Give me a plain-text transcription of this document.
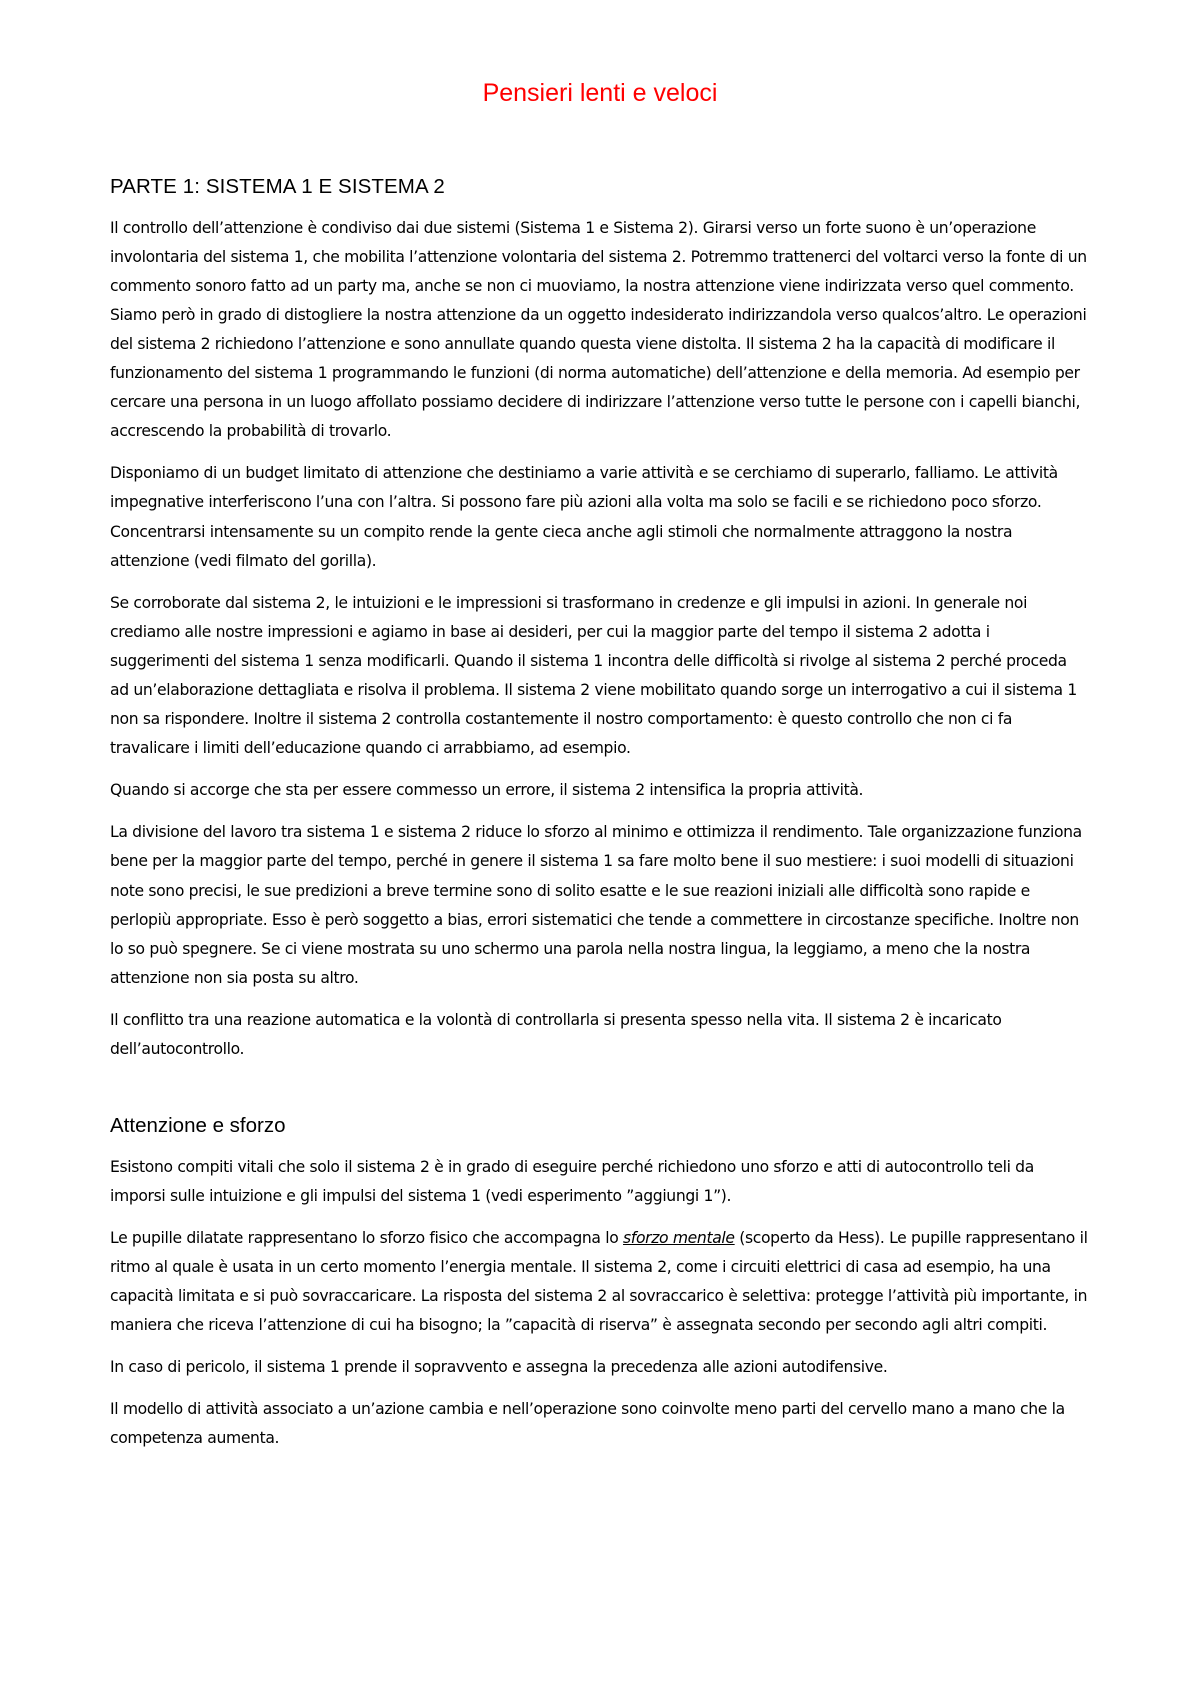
Pensieri lenti e veloci
PARTE 1: SISTEMA 1 E SISTEMA 2

Il controllo dell’attenzione è condiviso dai due sistemi (Sistema 1 e Sistema 2). Girarsi verso un forte suono è un’operazione involontaria del sistema 1, che mobilita l’attenzione volontaria del sistema 2. Potremmo trattenerci del voltarci verso la fonte di un commento sonoro fatto ad un party ma, anche se non ci muoviamo, la nostra attenzione viene indirizzata verso quel commento. Siamo però in grado di distogliere la nostra attenzione da un oggetto indesiderato indirizzandola verso qualcos’altro. Le operazioni del sistema 2 richiedono l’attenzione e sono annullate quando questa viene distolta. Il sistema 2 ha la capacità di modificare il funzionamento del sistema 1 programmando le funzioni (di norma automatiche) dell’attenzione e della memoria. Ad esempio per cercare una persona in un luogo affollato possiamo decidere di indirizzare l’attenzione verso tutte le persone con i capelli bianchi, accrescendo la probabilità di trovarlo.

Disponiamo di un budget limitato di attenzione che destiniamo a varie attività e se cerchiamo di superarlo, falliamo. Le attività impegnative interferiscono l’una con l’altra. Si possono fare più azioni alla volta ma solo se facili e se richiedono poco sforzo. Concentrarsi intensamente su un compito rende la gente cieca anche agli stimoli che normalmente attraggono la nostra attenzione (vedi filmato del gorilla).

Se corroborate dal sistema 2, le intuizioni e le impressioni si trasformano in credenze e gli impulsi in azioni. In generale noi crediamo alle nostre impressioni e agiamo in base ai desideri, per cui la maggior parte del tempo il sistema 2 adotta i suggerimenti del sistema 1 senza modificarli. Quando il sistema 1 incontra delle difficoltà si rivolge al sistema 2 perché proceda ad un’elaborazione dettagliata e risolva il problema. Il sistema 2 viene mobilitato quando sorge un interrogativo a cui il sistema 1 non sa rispondere. Inoltre il sistema 2 controlla costantemente il nostro comportamento: è questo controllo che non ci fa travalicare i limiti dell’educazione quando ci arrabbiamo, ad esempio.

Quando si accorge che sta per essere commesso un errore, il sistema 2 intensifica la propria attività.

La divisione del lavoro tra sistema 1 e sistema 2 riduce lo sforzo al minimo e ottimizza il rendimento. Tale organizzazione funziona bene per la maggior parte del tempo, perché in genere il sistema 1 sa fare molto bene il suo mestiere: i suoi modelli di situazioni note sono precisi, le sue predizioni a breve termine sono di solito esatte e le sue reazioni iniziali alle difficoltà sono rapide e perlopiù appropriate. Esso è però soggetto a bias, errori sistematici che tende a commettere in circostanze specifiche. Inoltre non lo so può spegnere. Se ci viene mostrata su uno schermo una parola nella nostra lingua, la leggiamo, a meno che la nostra attenzione non sia posta su altro.

Il conflitto tra una reazione automatica e la volontà di controllarla si presenta spesso nella vita. Il sistema 2 è incaricato dell’autocontrollo.

Attenzione e sforzo

Esistono compiti vitali che solo il sistema 2 è in grado di eseguire perché richiedono uno sforzo e atti di autocontrollo teli da imporsi sulle intuizione e gli impulsi del sistema 1 (vedi esperimento ”aggiungi 1”).

Le pupille dilatate rappresentano lo sforzo fisico che accompagna lo sforzo mentale (scoperto da Hess). Le pupille rappresentano il ritmo al quale è usata in un certo momento l’energia mentale. Il sistema 2, come i circuiti elettrici di casa ad esempio, ha una capacità limitata e si può sovraccaricare. La risposta del sistema 2 al sovraccarico è selettiva: protegge l’attività più importante, in maniera che riceva l’attenzione di cui ha bisogno; la ”capacità di riserva” è assegnata secondo per secondo agli altri compiti.

In caso di pericolo, il sistema 1 prende il sopravvento e assegna la precedenza alle azioni autodifensive.

Il modello di attività associato a un’azione cambia e nell’operazione sono coinvolte meno parti del cervello mano a mano che la competenza aumenta.
